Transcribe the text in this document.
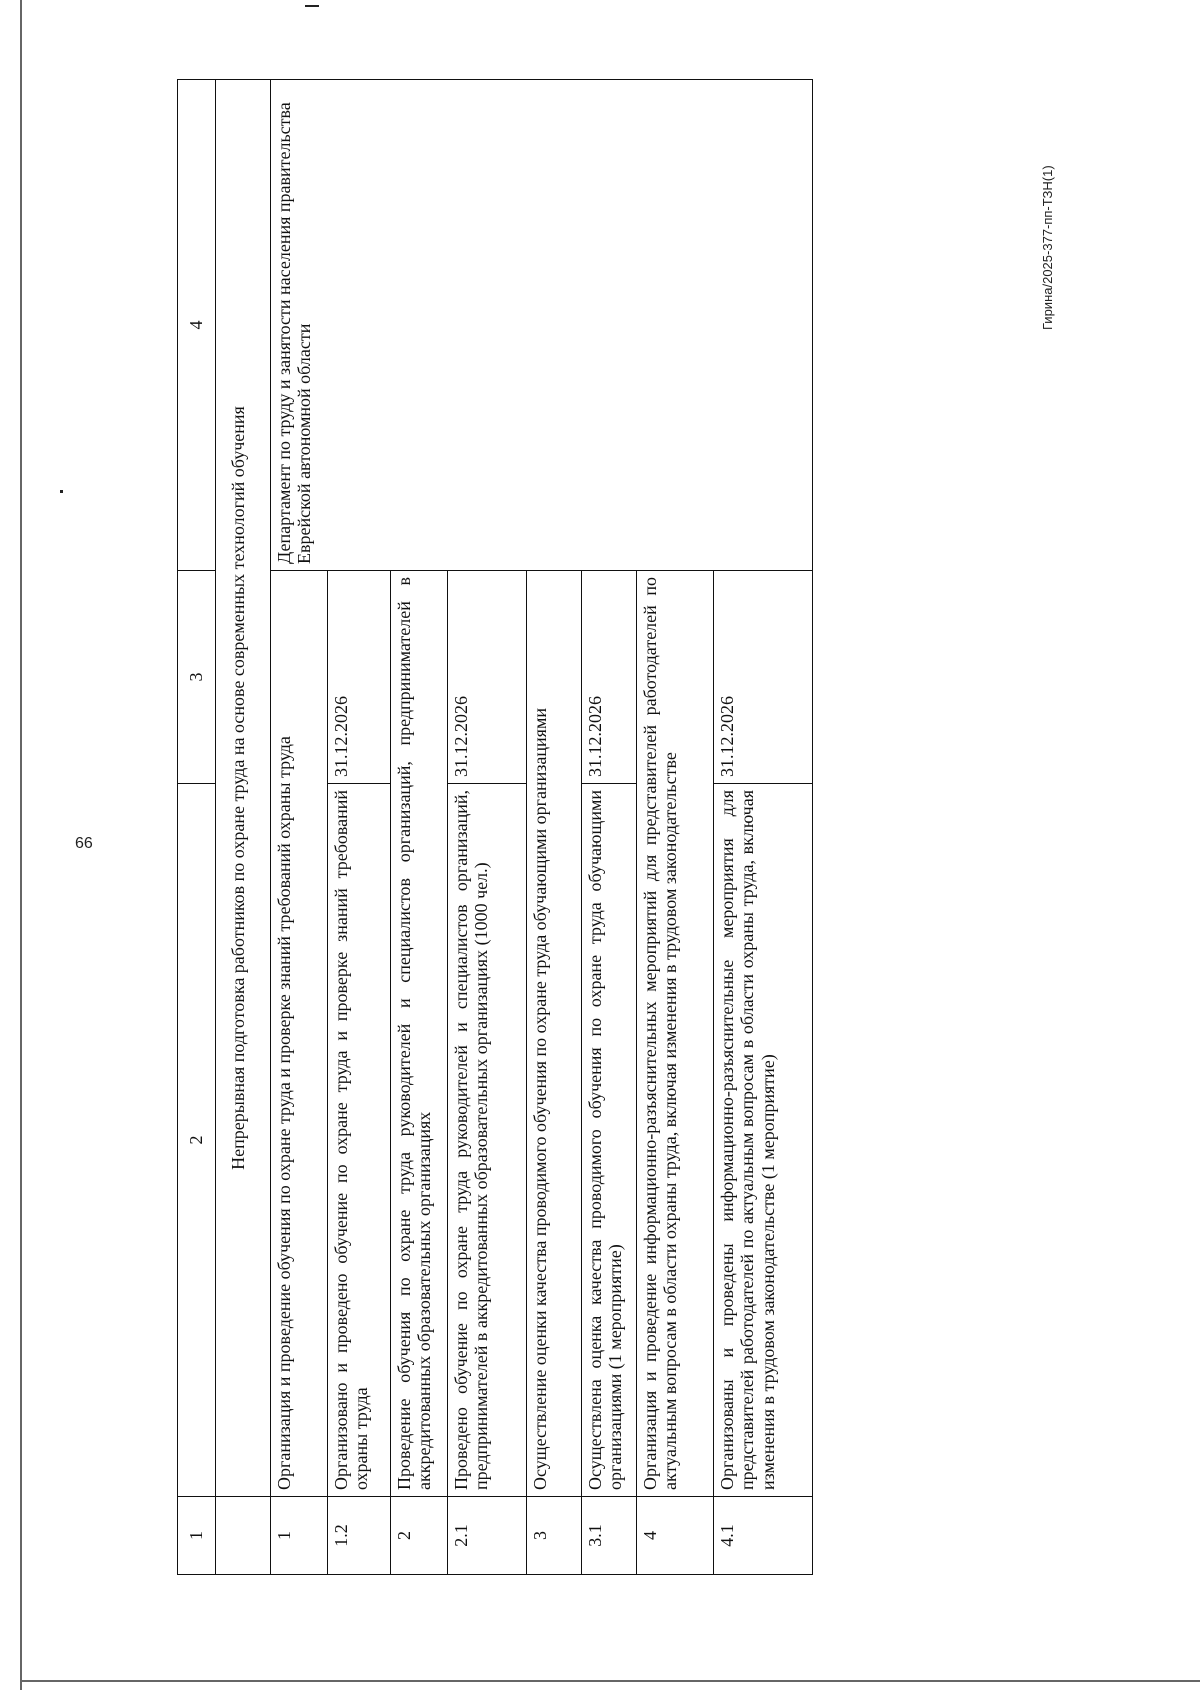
66
Гирина/2025-377-пп-ТЗН(1)
1	2	3	4
	Непрерывная подготовка работников по охране труда на основе современных технологий обучения		
1	Организация и проведение обучения по охране труда и проверке знаний требований охраны труда		Департамент по труду и занятости населения правительства Еврейской автономной области
1.2	Организовано и проведено обучение по охране труда и проверке знаний требований охраны труда	31.12.2026	
2	Проведение обучения по охране труда руководителей и специалистов организаций, предпринимателей в аккредитованных образовательных организациях		
2.1	Проведено обучение по охране труда руководителей и специалистов организаций, предпринимателей в аккредитованных образовательных организациях (1000 чел.)	31.12.2026	
3	Осуществление оценки качества проводимого обучения по охране труда обучающими организациями		
3.1	Осуществлена оценка качества проводимого обучения по охране труда обучающими организациями (1 мероприятие)	31.12.2026	
4	Организация и проведение информационно-разъяснительных мероприятий для представителей работодателей по актуальным вопросам в области охраны труда, включая изменения в трудовом законодательстве		
4.1	Организованы и проведены информационно-разъяснительные мероприятия для представителей работодателей по актуальным вопросам в области охраны труда, включая изменения в трудовом законодательстве (1 мероприятие)	31.12.2026	
